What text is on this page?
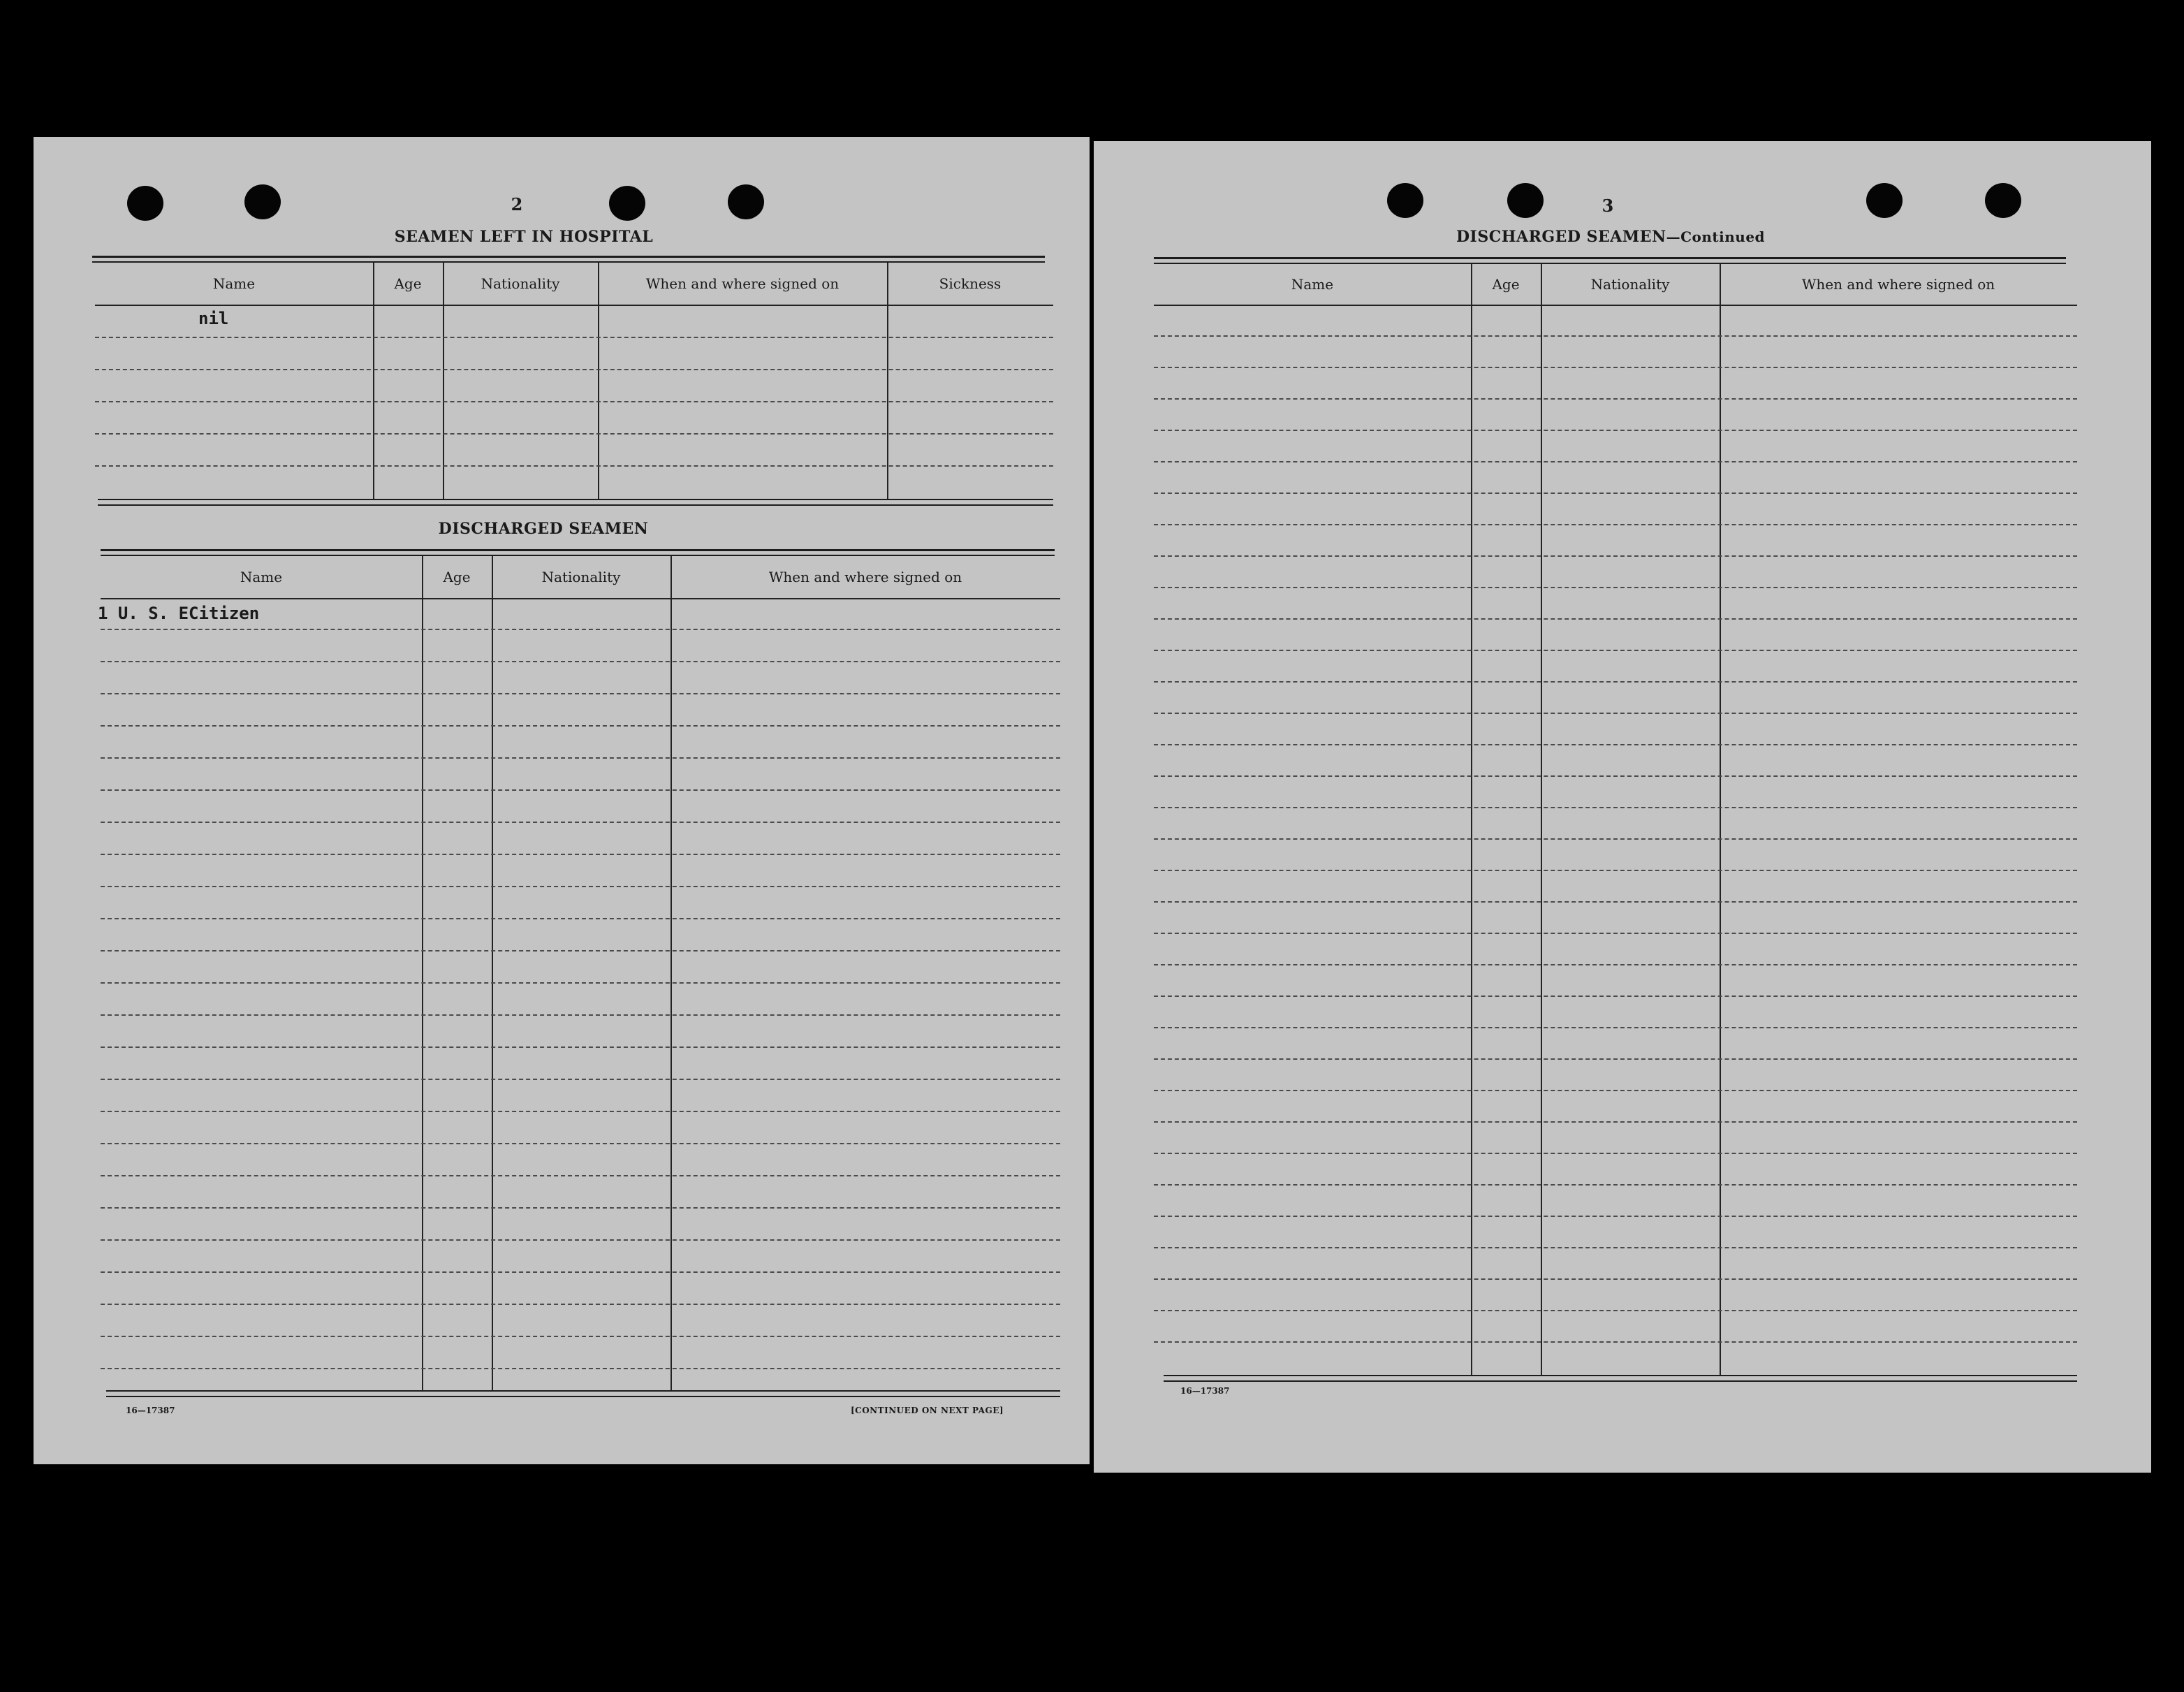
2
SEAMEN LEFT IN HOSPITAL
Name	Age	Nationality	When and where signed on	Sickness
nil
DISCHARGED SEAMEN
Name	Age	Nationality	When and where signed on
1 U. S. ECitizen
16—17387	[CONTINUED ON NEXT PAGE]
3
DISCHARGED SEAMEN—Continued
Name	Age	Nationality	When and where signed on
16—17387
